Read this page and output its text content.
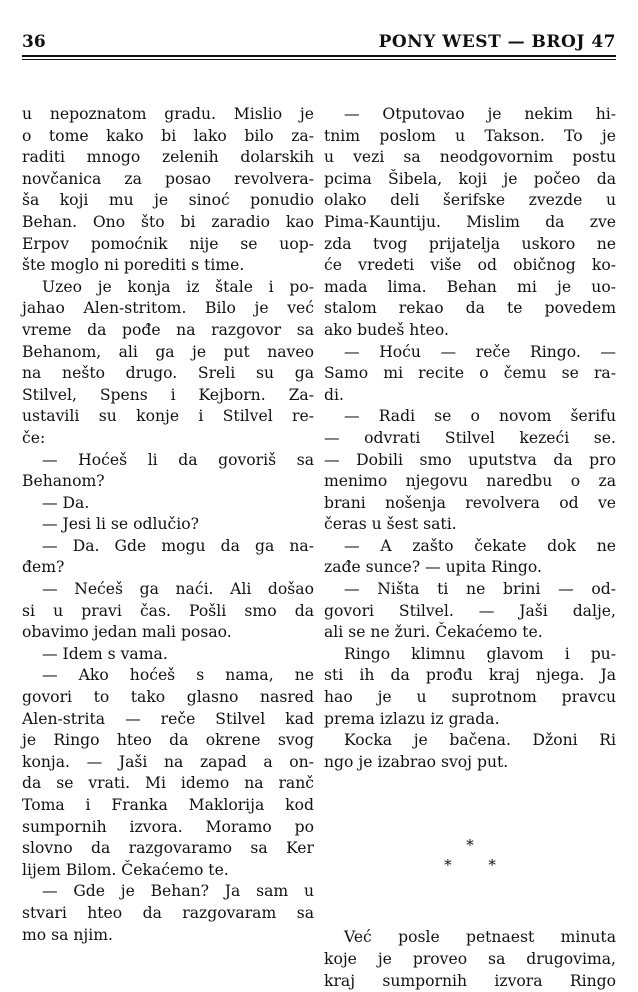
36	PONY WEST — BROJ 47
u nepoznatom gradu. Mislio je
o tome kako bi lako bilo za-
raditi mnogo zelenih dolarskih
novčanica za posao revolvera-
ša koji mu je sinoć ponudio
Behan. Ono što bi zaradio kao
Erpov pomoćnik nije se uop-
šte moglo ni porediti s time.
Uzeo je konja iz štale i po-
jahao Alen-stritom. Bilo je već
vreme da pođe na razgovor sa
Behanom, ali ga je put naveo
na nešto drugo. Sreli su ga
Stilvel, Spens i Kejborn. Za-
ustavili su konje i Stilvel re-
če:
— Hoćeš li da govoriš sa
Behanom?
— Da.
— Jesi li se odlučio?
— Da. Gde mogu da ga na-
đem?
— Nećeš ga naći. Ali došao
si u pravi čas. Pošli smo da
obavimo jedan mali posao.
— Idem s vama.
— Ako hoćeš s nama, ne
govori to tako glasno nasred
Alen-strita — reče Stilvel kad
je Ringo hteo da okrene svog
konja. — Jaši na zapad a on-
da se vrati. Mi idemo na ranč
Toma i Franka Maklorija kod
sumpornih izvora. Moramo po
slovno da razgovaramo sa Ker
lijem Bilom. Čekaćemo te.
— Gde je Behan? Ja sam u
stvari hteo da razgovaram sa
mo sa njim.
— Otputovao je nekim hi-
tnim poslom u Takson. To je
u vezi sa neodgovornim postu
pcima Šibela, koji je počeo da
olako deli šerifske zvezde u
Pima-Kauntiju. Mislim da zve
zda tvog prijatelja uskoro ne
će vredeti više od običnog ko-
mada lima. Behan mi je uo-
stalom rekao da te povedem
ako budeš hteo.
— Hoću — reče Ringo. —
Samo mi recite o čemu se ra-
di.
— Radi se o novom šerifu
— odvrati Stilvel kezeći se.
— Dobili smo uputstva da pro
menimo njegovu naredbu o za
brani nošenja revolvera od ve
čeras u šest sati.
— A zašto čekate dok ne
zađe sunce? — upita Ringo.
— Ništa ti ne brini — od-
govori Stilvel. — Jaši dalje,
ali se ne žuri. Čekaćemo te.
Ringo klimnu glavom i pu-
sti ih da prođu kraj njega. Ja
hao je u suprotnom pravcu
prema izlazu iz grada.
Kocka je bačena. Džoni Ri
ngo je izabrao svoj put.
*
* *
Već posle petnaest minuta
koje je proveo sa drugovima,
kraj sumpornih izvora Ringo
